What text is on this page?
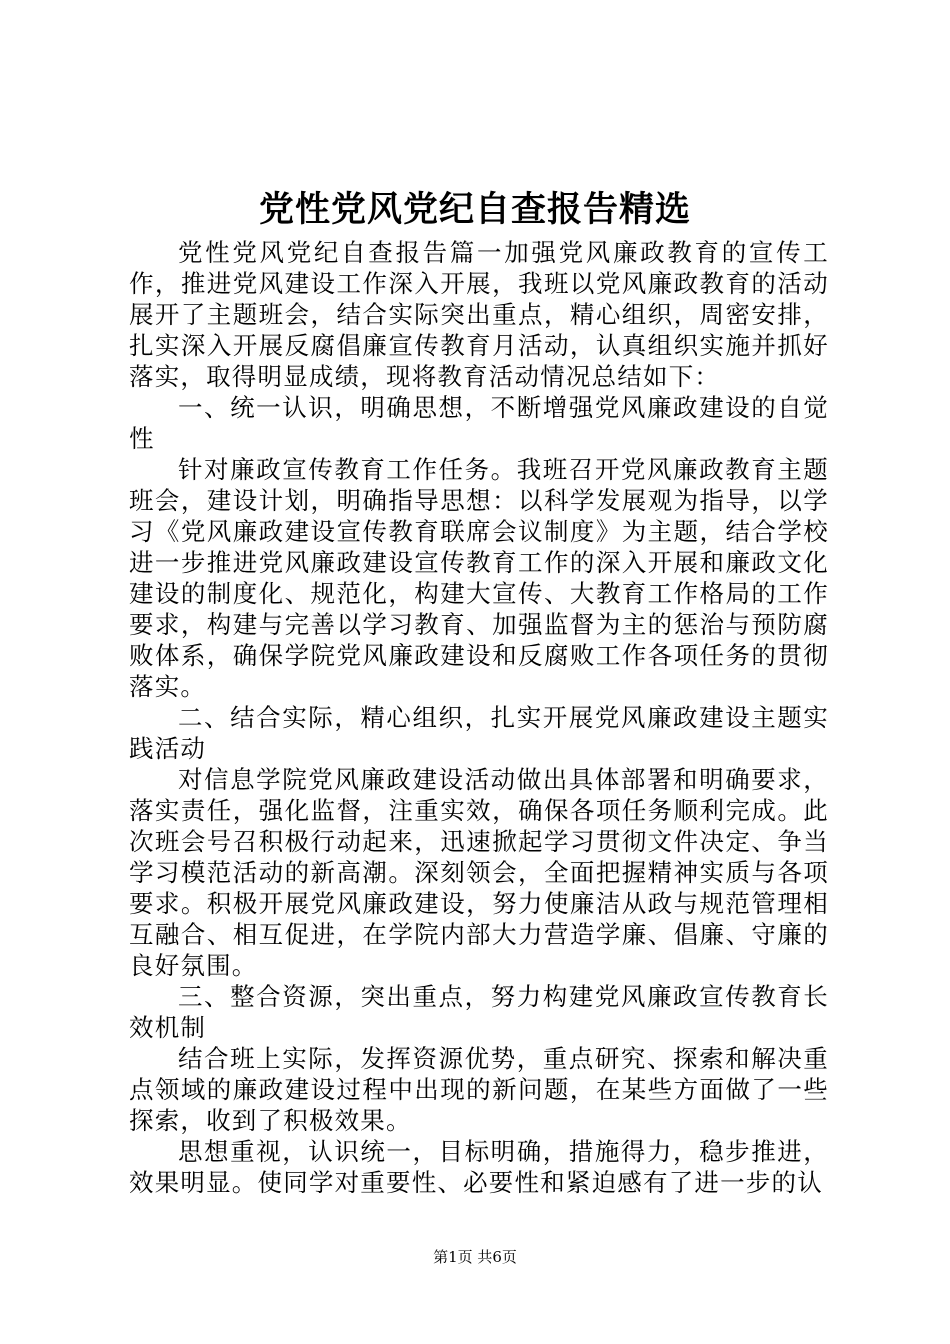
党性党风党纪自查报告精选

党性党风党纪自查报告篇一加强党风廉政教育的宣传工作，推进党风建设工作深入开展，我班以党风廉政教育的活动展开了主题班会，结合实际突出重点，精心组织，周密安排，扎实深入开展反腐倡廉宣传教育月活动，认真组织实施并抓好落实，取得明显成绩，现将教育活动情况总结如下：

一、统一认识，明确思想，不断增强党风廉政建设的自觉性

针对廉政宣传教育工作任务。我班召开党风廉政教育主题班会，建设计划，明确指导思想：以科学发展观为指导，以学习《党风廉政建设宣传教育联席会议制度》为主题，结合学校进一步推进党风廉政建设宣传教育工作的深入开展和廉政文化建设的制度化、规范化，构建大宣传、大教育工作格局的工作要求，构建与完善以学习教育、加强监督为主的惩治与预防腐败体系，确保学院党风廉政建设和反腐败工作各项任务的贯彻落实。

二、结合实际，精心组织，扎实开展党风廉政建设主题实践活动

对信息学院党风廉政建设活动做出具体部署和明确要求，落实责任，强化监督，注重实效，确保各项任务顺利完成。此次班会号召积极行动起来，迅速掀起学习贯彻文件决定、争当学习模范活动的新高潮。深刻领会，全面把握精神实质与各项要求。积极开展党风廉政建设，努力使廉洁从政与规范管理相互融合、相互促进，在学院内部大力营造学廉、倡廉、守廉的良好氛围。

三、整合资源，突出重点，努力构建党风廉政宣传教育长效机制

结合班上实际，发挥资源优势，重点研究、探索和解决重点领域的廉政建设过程中出现的新问题，在某些方面做了一些探索，收到了积极效果。

思想重视，认识统一，目标明确，措施得力，稳步推进，效果明显。使同学对重要性、必要性和紧迫感有了进一步的认

第1页 共6页
